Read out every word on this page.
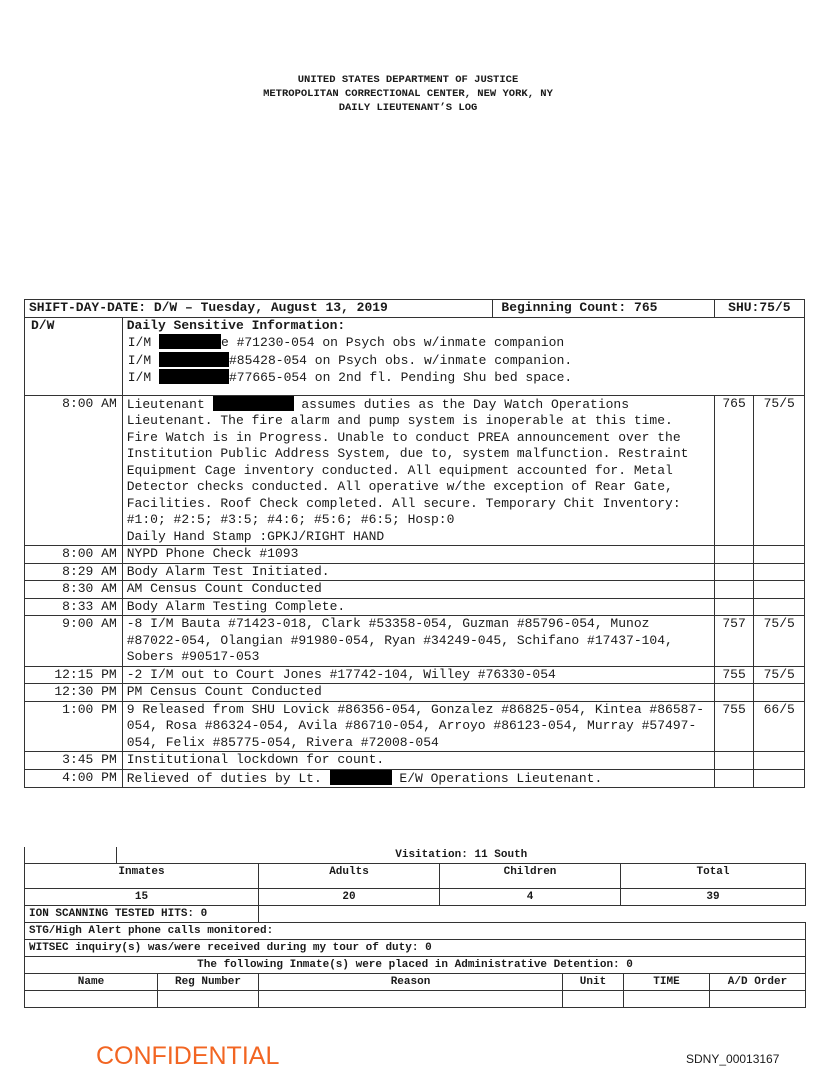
UNITED STATES DEPARTMENT OF JUSTICE
METROPOLITAN CORRECTIONAL CENTER, NEW YORK, NY
DAILY LIEUTENANT’S LOG
SHIFT-DAY-DATE: D/W – Tuesday, August 13, 2019		Beginning Count: 765	SHU:75/5	
D/W	Daily Sensitive Information:
I/M e #71230-054 on Psych obs w/inmate companion
I/M #85428-054 on Psych obs. w/inmate companion.
I/M #77665-054 on 2nd fl. Pending Shu bed space.			

8:00 AM	Lieutenant assumes duties as the Day Watch Operations Lieutenant. The fire alarm and pump system is inoperable at this time. Fire Watch is in Progress. Unable to conduct PREA announcement over the Institution Public Address System, due to, system malfunction. Restraint Equipment Cage inventory conducted. All equipment accounted for. Metal Detector checks conducted. All operative w/the exception of Rear Gate, Facilities. Roof Check completed. All secure. Temporary Chit Inventory: #1:0; #2:5; #3:5; #4:6; #5:6; #6:5; Hosp:0
Daily Hand Stamp :GPKJ/RIGHT HAND		765	75/5
8:00 AM	NYPD Phone Check #1093			
8:29 AM	Body Alarm Test Initiated.			
8:30 AM	AM Census Count Conducted			
8:33 AM	Body Alarm Testing Complete.			
9:00 AM	-8 I/M Bauta #71423-018, Clark #53358-054, Guzman #85796-054, Munoz #87022-054, Olangian #91980-054, Ryan #34249-045, Schifano #17437-104, Sobers #90517-053		757	75/5
12:15 PM	-2 I/M out to Court Jones #17742-104, Willey #76330-054		755	75/5
12:30 PM	PM Census Count Conducted			
1:00 PM	9 Released from SHU Lovick #86356-054, Gonzalez #86825-054, Kintea #86587-054, Rosa #86324-054, Avila #86710-054, Arroyo #86123-054, Murray #57497-054, Felix #85775-054, Rivera #72008-054		755	66/5
3:45 PM	Institutional lockdown for count.			
4:00 PM	Relieved of duties by Lt. E/W Operations Lieutenant.			
	Visitation: 11 South			
Inmates		Adults	Children	Total
15		20	4	39
ION SCANNING TESTED HITS: 0				
STG/High Alert phone calls monitored:				
WITSEC inquiry(s) was/were received during my tour of duty: 0				
The following Inmate(s) were placed in Administrative Detention: 0					
Name	Reg Number	Reason	Unit	TIME	A/D Order

CONFIDENTIAL	SDNY_00013167
